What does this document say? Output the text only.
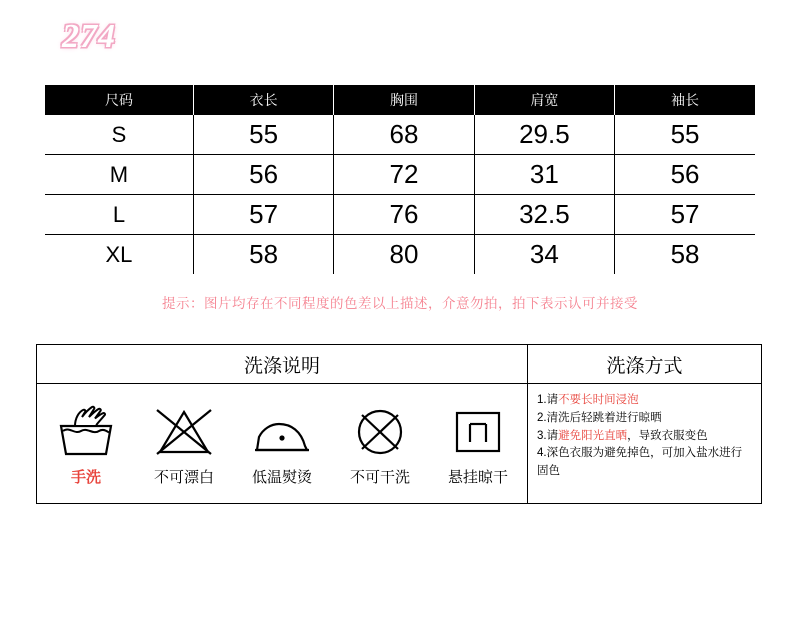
274
尺码	衣长	胸围	肩宽	袖长
S	55	68	29.5	55
M	56	72	31	56
L	57	76	32.5	57
XL	58	80	34	58
提示：图片均存在不同程度的色差以上描述，介意勿拍，拍下表示认可并接受
洗涤说明	洗涤方式
手洗	不可漂白	低温熨烫	不可干洗	悬挂晾干
1.请不要长时间浸泡
2.清洗后轻跳着进行晾晒
3.请避免阳光直晒，导致衣服变色
4.深色衣服为避免掉色，可加入盐水进行固色
